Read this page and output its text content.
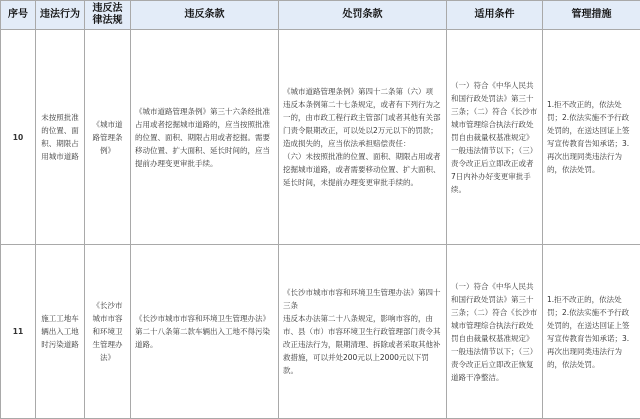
序号	违法行为	违反法律法规	违反条款	处罚条款	适用条件	管理措施
10	未按照批准的位置、面积、期限占用城市道路	《城市道路管理条例》	《城市道路管理条例》第三十六条经批准占用或者挖掘城市道路的，应当按照批准的位置、面积、期限占用或者挖掘。需要移动位置、扩大面积、延长时间的，应当提前办理变更审批手续。	《城市道路管理条例》第四十二条第（六）项
违反本条例第二十七条规定，或者有下列行为之一的，由市政工程行政主管部门或者其他有关部门责令限期改正，可以处以2万元以下的罚款；造成损失的，应当依法承担赔偿责任：
（六）未按照批准的位置、面积、期限占用或者挖掘城市道路，或者需要移动位置、扩大面积、延长时间，未提前办理变更审批手续的。	（一）符合《中华人民共和国行政处罚法》第三十三条；（二）符合《长沙市城市管理综合执法行政处罚自由裁量权基准规定》一般违法情节以下；（三）责令改正后立即改正或者7日内补办好变更审批手续。	1.拒不改正的，依法处罚；2.依法实施不予行政处罚的，在送达回证上签写宣传教育告知承诺；3.再次出现同类违法行为的，依法处罚。
11	施工工地车辆出入工地时污染道路	《长沙市城市市容和环境卫生管理办法》	《长沙市城市市容和环境卫生管理办法》第二十八条第二款车辆出入工地不得污染道路。	《长沙市城市市容和环境卫生管理办法》第四十三条
违反本办法第二十八条规定，影响市容的，由市、县（市）市容环境卫生行政管理部门责令其改正违法行为，限期清理、拆除或者采取其他补救措施，可以并处200元以上2000元以下罚款。	（一）符合《中华人民共和国行政处罚法》第三十三条；（二）符合《长沙市城市管理综合执法行政处罚自由裁量权基准规定》一般违法情节以下；（三）责令改正后立即改正恢复道路干净整洁。	1.拒不改正的，依法处罚；2.依法实施不予行政处罚的，在送达回证上签写宣传教育告知承诺；3.再次出现同类违法行为的，依法处罚。
